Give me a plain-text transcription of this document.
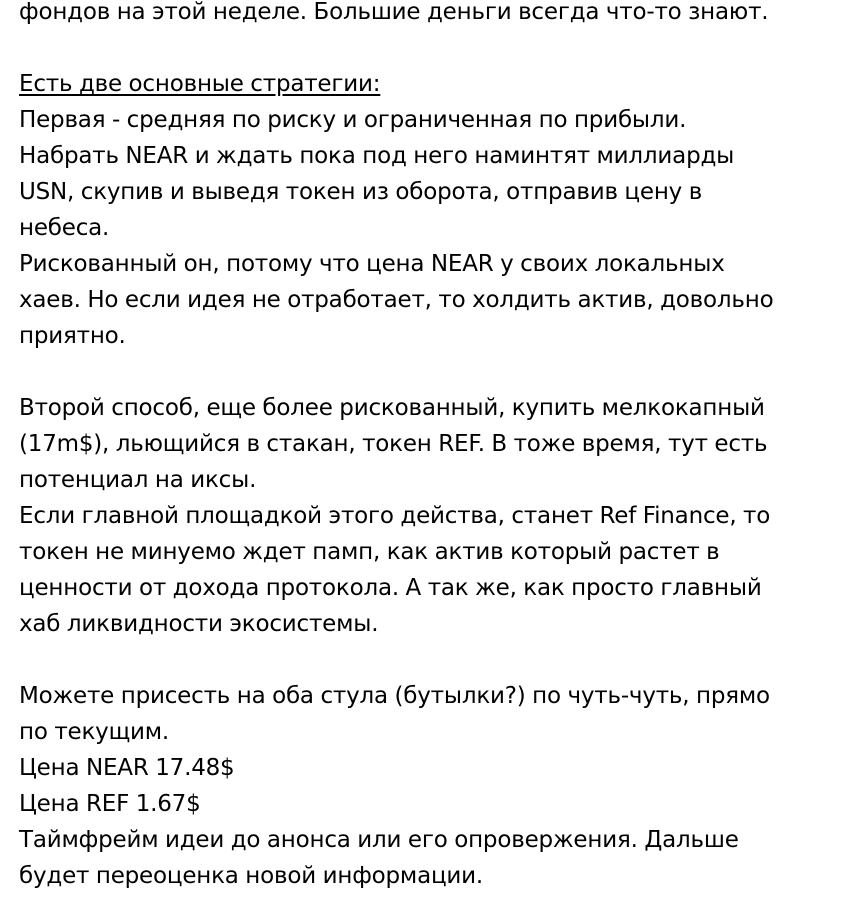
фондов на этой неделе. Большие деньги всегда что-то знают.
Есть две основные стратегии:
Первая - средняя по риску и ограниченная по прибыли.
Набрать NEAR и ждать пока под него наминтят миллиарды
USN, скупив и выведя токен из оборота, отправив цену в
небеса.
Рискованный он, потому что цена NEAR у своих локальных
хаев. Но если идея не отработает, то холдить актив, довольно
приятно.
Второй способ, еще более рискованный, купить мелкокапный
(17m$), льющийся в стакан, токен REF. В тоже время, тут есть
потенциал на иксы.
Если главной площадкой этого действа, станет Ref Finance, то
токен не минуемо ждет памп, как актив который растет в
ценности от дохода протокола. А так же, как просто главный
хаб ликвидности экосистемы.
Можете присесть на оба стула (бутылки?) по чуть-чуть, прямо
по текущим.
Цена NEAR 17.48$
Цена REF 1.67$
Таймфрейм идеи до анонса или его опровержения. Дальше
будет переоценка новой информации.
